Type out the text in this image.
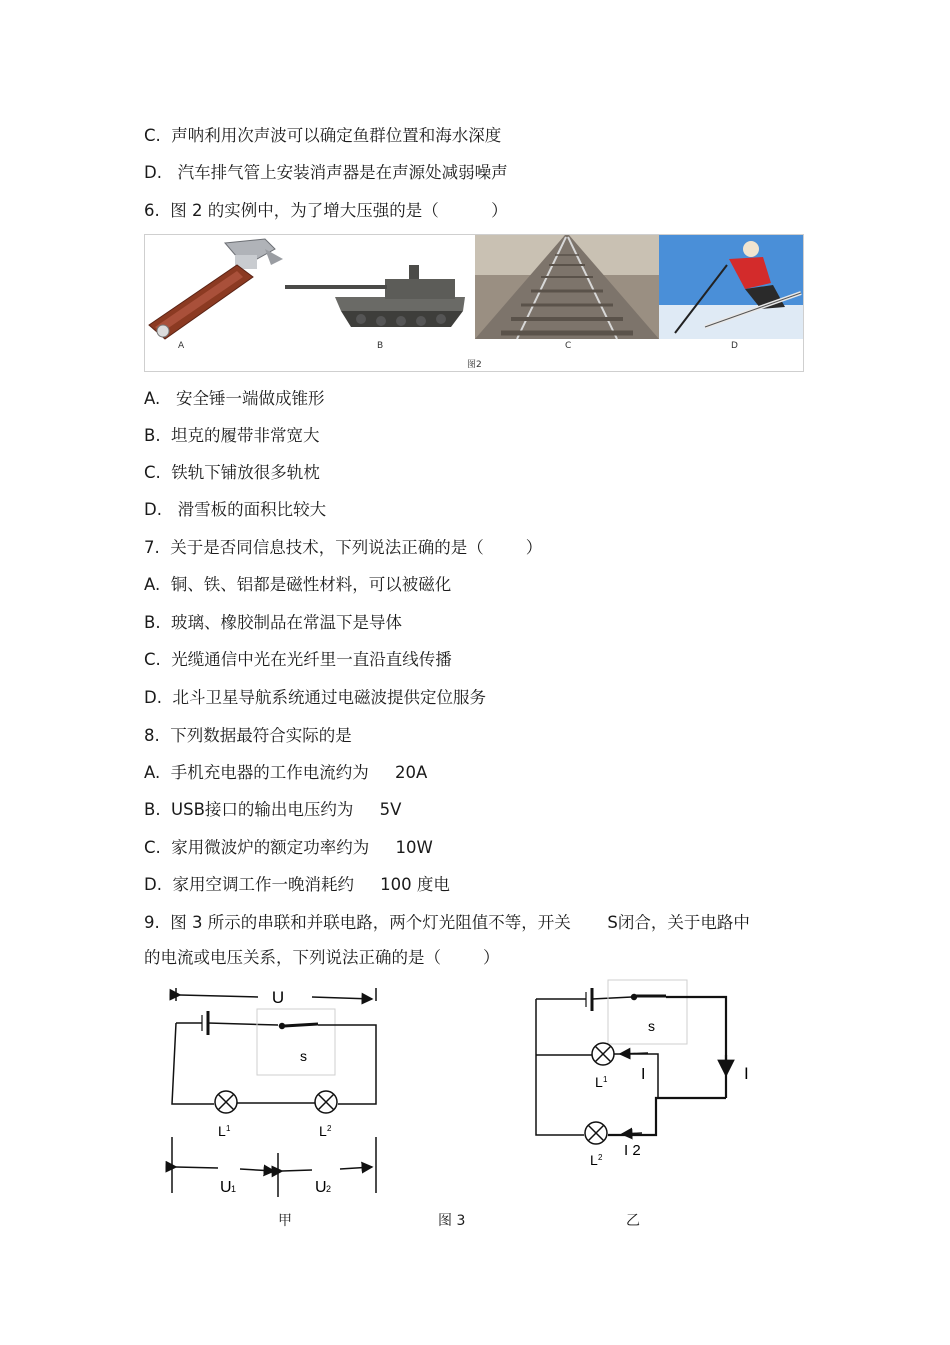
C.  声呐利用次声波可以确定鱼群位置和海水深度
D.   汽车排气管上安装消声器是在声源处减弱噪声
6.  图 2 的实例中，为了增大压强的是（          ）
A	B	C	D
图2
A.   安全锤一端做成锥形
B.  坦克的履带非常宽大
C.  铁轨下铺放很多轨枕
D.   滑雪板的面积比较大
7.  关于是否同信息技术，下列说法正确的是（        ）
A.  铜、铁、铝都是磁性材料，可以被磁化
B.  玻璃、橡胶制品在常温下是导体
C.  光缆通信中光在光纤里一直沿直线传播
D.  北斗卫星导航系统通过电磁波提供定位服务
8.  下列数据最符合实际的是
A.  手机充电器的工作电流约为     20A
B.  USB接口的输出电压约为     5V
C.  家用微波炉的额定功率约为     10W
D.  家用空调工作一晚消耗约     100 度电
9.  图 3 所示的串联和并联电路，两个灯光阻值不等，开关       S闭合，关于电路中
的电流或电压关系，下列说法正确的是（        ）
U
s
L 1	L 2
U 1	U 2
s
L 1 I	I
L 2 I 2
甲	图 3	乙
